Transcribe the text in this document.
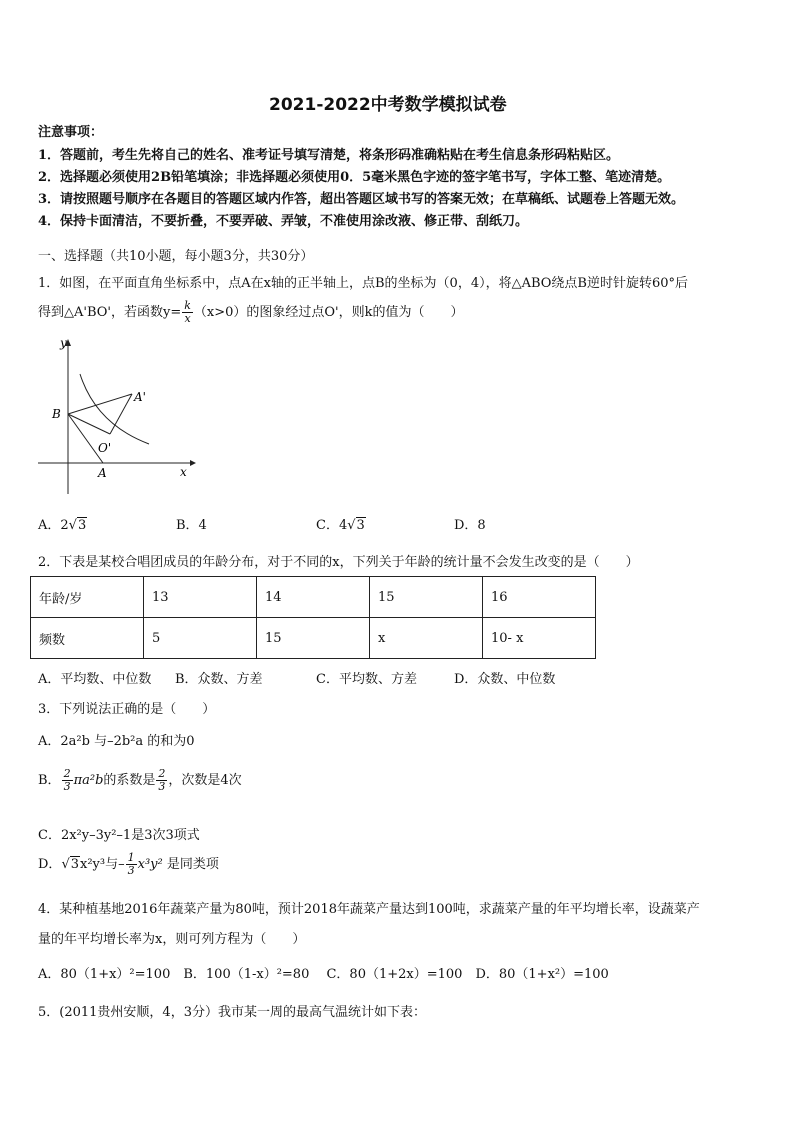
2021-2022中考数学模拟试卷
注意事项：
1．答题前，考生先将自己的姓名、准考证号填写清楚，将条形码准确粘贴在考生信息条形码粘贴区。
2．选择题必须使用2B铅笔填涂；非选择题必须使用0．5毫米黑色字迹的签字笔书写，字体工整、笔迹清楚。
3．请按照题号顺序在各题目的答题区域内作答，超出答题区域书写的答案无效；在草稿纸、试题卷上答题无效。
4．保持卡面清洁，不要折叠，不要弄破、弄皱，不准使用涂改液、修正带、刮纸刀。
一、选择题（共10小题，每小题3分，共30分）
1．如图，在平面直角坐标系中，点A在x轴的正半轴上，点B的坐标为（0，4），将△ABO绕点B逆时针旋转60°后
得到△A'BO'，若函数$y= \frac{k}{x} (x>0)$的图象经过点O'，则k的值为（　　）
y
x
B
A
A'
O'
A．2√3	B．4	C．4√3	D．8
2．下表是某校合唱团成员的年龄分布，对于不同的x，下列关于年龄的统计量不会发生改变的是（　　）
年龄/岁	13	14	15	16
频数	5	15	x	10- x
A．平均数、中位数 B．众数、方差	C．平均数、方差	D．众数、中位数
3．下列说法正确的是（　　）
A．2a²b 与–2b²a 的和为0
B． $\frac{2}{3} \pi a^2b$的系数是 $\frac{2}{3}$ ，次数是4次
C．2x²y–3y²–1是3次3项式
D．√3x²y³与– $\frac{1}{3} x^3y^2$ 是同类项
4．某种植基地2016年蔬菜产量为80吨，预计2018年蔬菜产量达到100吨，求蔬菜产量的年平均增长率，设蔬菜产
量的年平均增长率为x，则可列方程为（　　）
A．80（1+x）²=100　B．100（1-x）²=80　 C．80（1+2x）=100　D．80（1+x²）=100
5．(2011贵州安顺，4，3分）我市某一周的最高气温统计如下表：
